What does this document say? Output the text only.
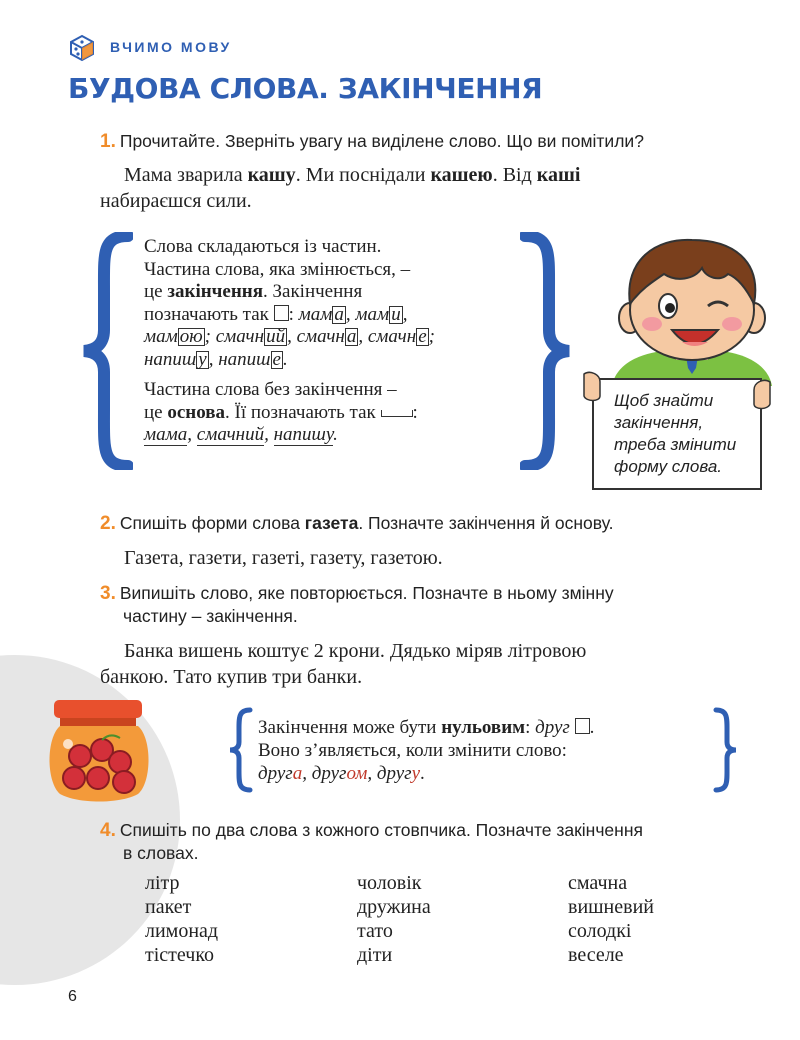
ВЧИМО МОВУ
БУДОВА СЛОВА. ЗАКІНЧЕННЯ
1. Прочитайте. Зверніть увагу на виділене слово. Що ви помітили?
Мама зварила кашу. Ми поснідали кашею. Від каші
набираєшся сили.
Слова складаються із частин.
Частина слова, яка змінюється, –
це закінчення. Закінчення
позначають так : мам а , мам и ,
мам ою ; смачн ий , смачн а , смачн е ;
напиш у , напиш е .
Частина слова без закінчення –
це основа. Її позначають так :
мама, смачний, напишу.
Щоб знайти
закінчення,
треба змінити
форму слова.
2. Спишіть форми слова газета. Позначте закінчення й основу.
Газета, газети, газеті, газету, газетою.
3. Випишіть слово, яке повторюється. Позначте в ньому змінну
частину – закінчення.
Банка вишень коштує 2 крони. Дядько міряв літровою
банкою. Тато купив три банки.
Закінчення може бути нульовим: друг .
Воно з’являється, коли змінити слово:
друга, другом, другу.
4. Спишіть по два слова з кожного стовпчика. Позначте закінчення
в словах.
літр
пакет
лимонад
тістечко
чоловік
дружина
тато
діти
смачна
вишневий
солодкі
веселе
6
